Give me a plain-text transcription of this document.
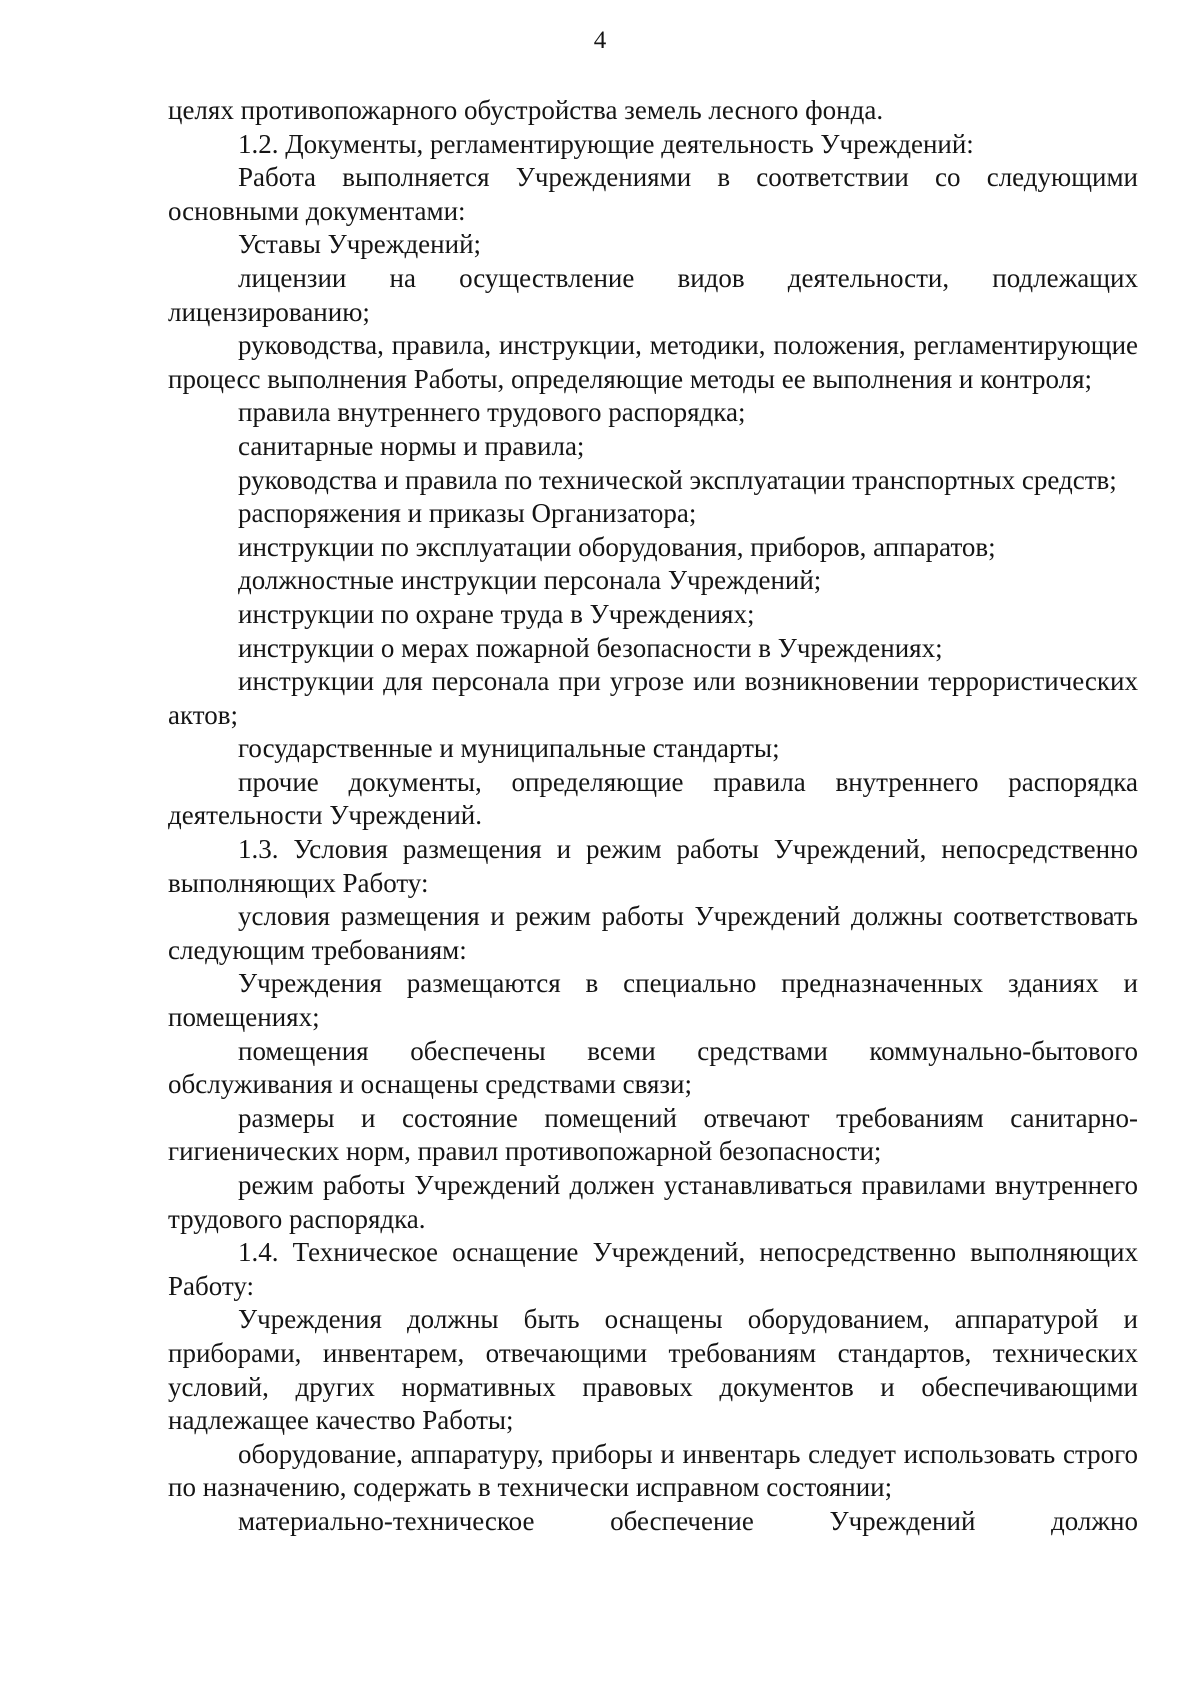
4

целях противопожарного обустройства земель лесного фонда.

1.2. Документы, регламентирующие деятельность Учреждений:

Работа выполняется Учреждениями в соответствии со следующими основными документами:

Уставы Учреждений;

лицензии на осуществление видов деятельности, подлежащих лицензированию;

руководства, правила, инструкции, методики, положения, регламентирующие процесс выполнения Работы, определяющие методы ее выполнения и контроля;

правила внутреннего трудового распорядка;

санитарные нормы и правила;

руководства и правила по технической эксплуатации транспортных средств;

распоряжения и приказы Организатора;

инструкции по эксплуатации оборудования, приборов, аппаратов;

должностные инструкции персонала Учреждений;

инструкции по охране труда в Учреждениях;

инструкции о мерах пожарной безопасности в Учреждениях;

инструкции для персонала при угрозе или возникновении террористических актов;

государственные и муниципальные стандарты;

прочие документы, определяющие правила внутреннего распорядка деятельности Учреждений.

1.3. Условия размещения и режим работы Учреждений, непосредственно выполняющих Работу:

условия размещения и режим работы Учреждений должны соответствовать следующим требованиям:

Учреждения размещаются в специально предназначенных зданиях и помещениях;

помещения обеспечены всеми средствами коммунально-бытового обслуживания и оснащены средствами связи;

размеры и состояние помещений отвечают требованиям санитарно-гигиенических норм, правил противопожарной безопасности;

режим работы Учреждений должен устанавливаться правилами внутреннего трудового распорядка.

1.4. Техническое оснащение Учреждений, непосредственно выполняющих Работу:

Учреждения должны быть оснащены оборудованием, аппаратурой и приборами, инвентарем, отвечающими требованиям стандартов, технических условий, других нормативных правовых документов и обеспечивающими надлежащее качество Работы;

оборудование, аппаратуру, приборы и инвентарь следует использовать строго по назначению, содержать в технически исправном состоянии;

материально-техническое обеспечение Учреждений должно
